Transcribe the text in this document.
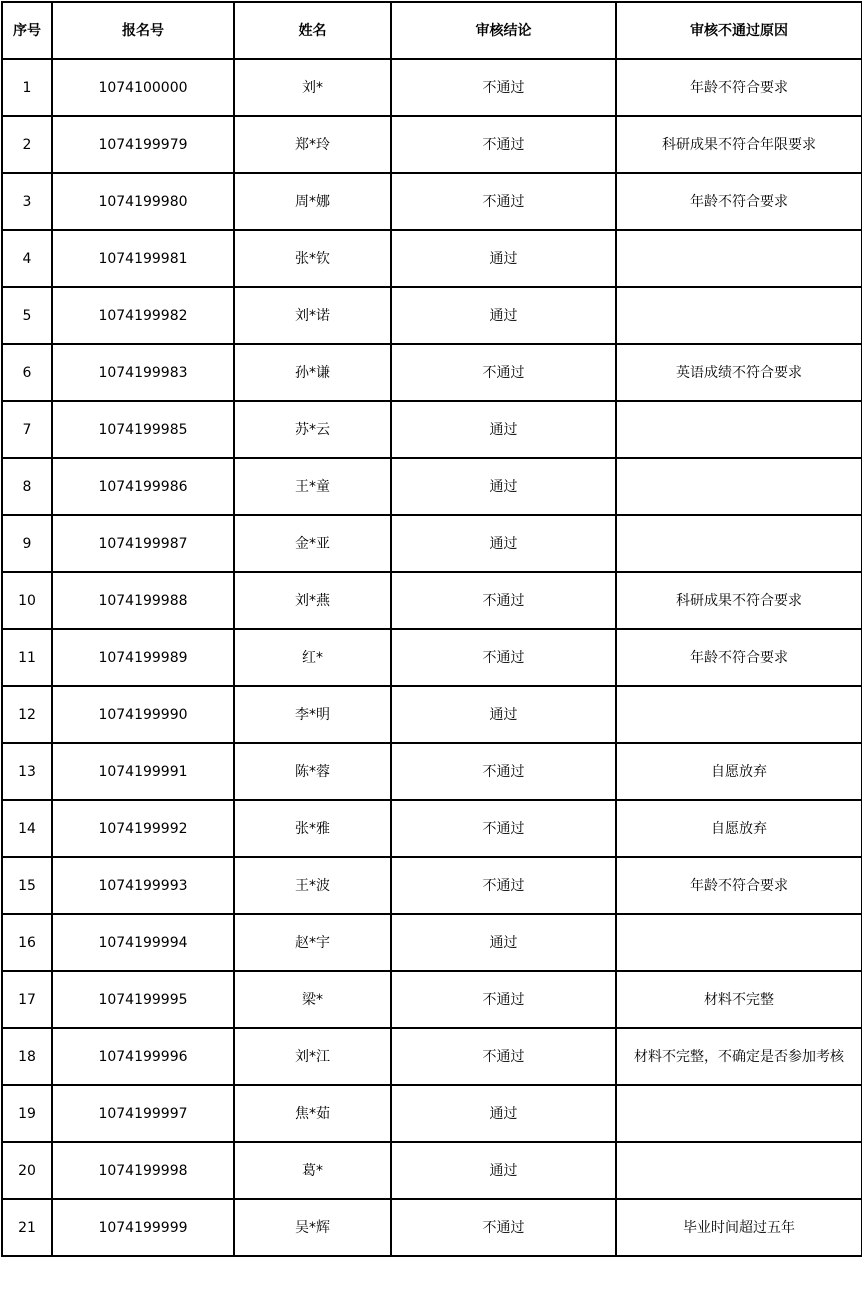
序号	报名号	姓名	审核结论	审核不通过原因
1	1074100000	刘*	不通过	年龄不符合要求
2	1074199979	郑*玲	不通过	科研成果不符合年限要求
3	1074199980	周*娜	不通过	年龄不符合要求
4	1074199981	张*钦	通过	
5	1074199982	刘*诺	通过	
6	1074199983	孙*谦	不通过	英语成绩不符合要求
7	1074199985	苏*云	通过	
8	1074199986	王*童	通过	
9	1074199987	金*亚	通过	
10	1074199988	刘*燕	不通过	科研成果不符合要求
11	1074199989	红*	不通过	年龄不符合要求
12	1074199990	李*明	通过	
13	1074199991	陈*蓉	不通过	自愿放弃
14	1074199992	张*雅	不通过	自愿放弃
15	1074199993	王*波	不通过	年龄不符合要求
16	1074199994	赵*宇	通过	
17	1074199995	梁*	不通过	材料不完整
18	1074199996	刘*江	不通过	材料不完整，不确定是否参加考核
19	1074199997	焦*茹	通过	
20	1074199998	葛*	通过	
21	1074199999	吴*辉	不通过	毕业时间超过五年
